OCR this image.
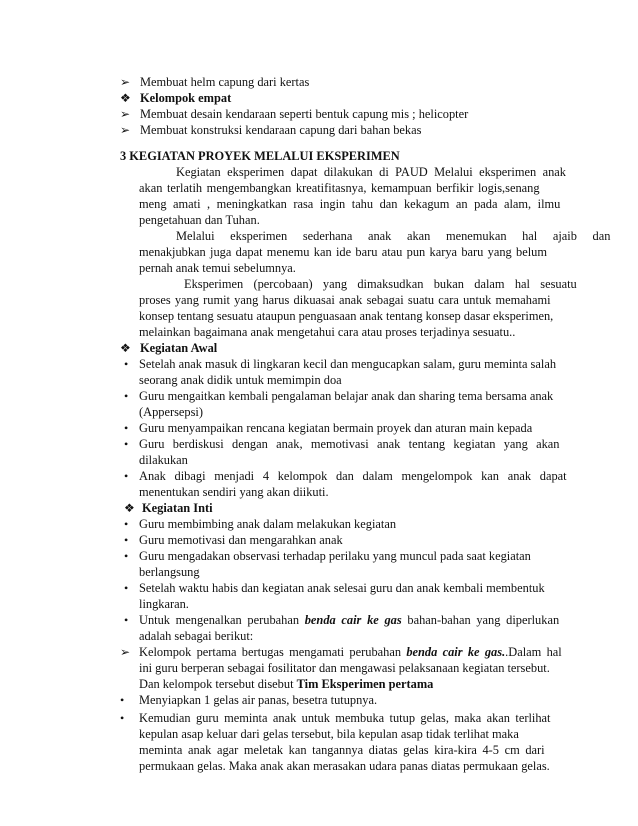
➢ Membuat helm capung dari kertas
❖ Kelompok empat
➢ Membuat desain kendaraan seperti bentuk capung mis ; helicopter
➢ Membuat konstruksi kendaraan capung dari bahan bekas
3 KEGIATAN PROYEK MELALUI EKSPERIMEN
Kegiatan eksperimen dapat dilakukan di PAUD Melalui eksperimen anak
akan terlatih mengembangkan kreatifitasnya, kemampuan berfikir logis,senang
meng amati , meningkatkan rasa ingin tahu dan kekagum an pada alam, ilmu
pengetahuan dan Tuhan.
Melalui eksperimen sederhana anak akan menemukan hal ajaib dan
menakjubkan juga dapat menemu kan ide baru atau pun karya baru yang belum
pernah anak temui sebelumnya.
Eksperimen (percobaan) yang dimaksudkan bukan dalam hal sesuatu
proses yang rumit yang harus dikuasai anak sebagai suatu cara untuk memahami
konsep tentang sesuatu ataupun penguasaan anak tentang konsep dasar eksperimen,
melainkan bagaimana anak mengetahui cara atau proses terjadinya sesuatu..
❖ Kegiatan Awal
• Setelah anak masuk di lingkaran kecil dan mengucapkan salam, guru meminta salah
seorang anak didik untuk memimpin doa
• Guru mengaitkan kembali pengalaman belajar anak dan sharing tema bersama anak
(Appersepsi)
• Guru menyampaikan rencana kegiatan bermain proyek dan aturan main kepada
• Guru berdiskusi dengan anak, memotivasi anak tentang kegiatan yang akan
dilakukan
• Anak dibagi menjadi 4 kelompok dan dalam mengelompok kan anak dapat
menentukan sendiri yang akan diikuti.
❖ Kegiatan Inti
• Guru membimbing anak dalam melakukan kegiatan
• Guru memotivasi dan mengarahkan anak
• Guru mengadakan observasi terhadap perilaku yang muncul pada saat kegiatan
berlangsung
• Setelah waktu habis dan kegiatan anak selesai guru dan anak kembali membentuk
lingkaran.
• Untuk mengenalkan perubahan benda cair ke gas bahan-bahan yang diperlukan
adalah sebagai berikut:
➢ Kelompok pertama bertugas mengamati perubahan benda cair ke gas..Dalam hal
ini guru berperan sebagai fosilitator dan mengawasi pelaksanaan kegiatan tersebut.
Dan kelompok tersebut disebut Tim Eksperimen pertama
• Menyiapkan 1 gelas air panas, besetra tutupnya.
• Kemudian guru meminta anak untuk membuka tutup gelas, maka akan terlihat
kepulan asap keluar dari gelas tersebut, bila kepulan asap tidak terlihat maka
meminta anak agar meletak kan tangannya diatas gelas kira-kira 4-5 cm dari
permukaan gelas. Maka anak akan merasakan udara panas diatas permukaan gelas.
